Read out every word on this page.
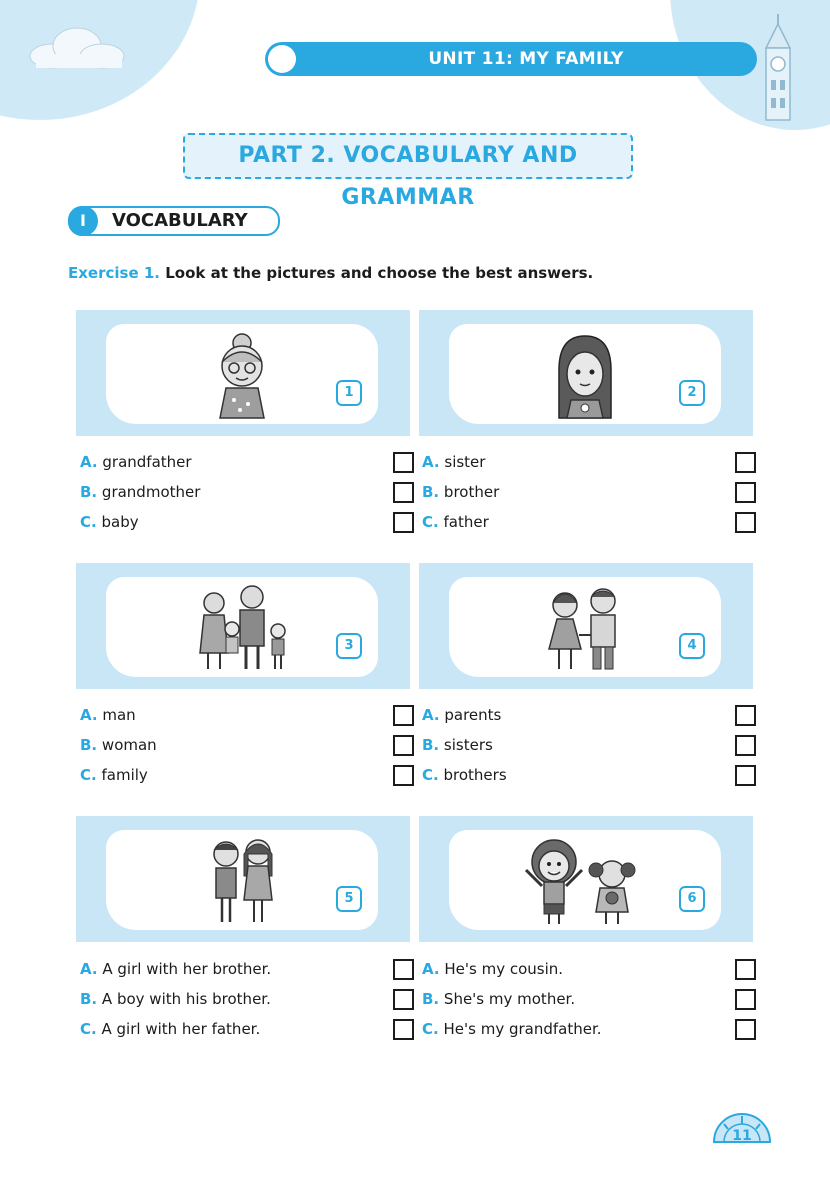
UNIT 11: MY FAMILY
PART 2. VOCABULARY AND GRAMMAR
I	VOCABULARY
Exercise 1. Look at the pictures and choose the best answers.
1
A. grandfather
B. grandmother
C. baby
2
A. sister
B. brother
C. father
3
A. man
B. woman
C. family
4
A. parents
B. sisters
C. brothers
5
A. A girl with her brother.
B. A boy with his brother.
C. A girl with her father.
6
A. He's my cousin.
B. She's my mother.
C. He's my grandfather.
11
